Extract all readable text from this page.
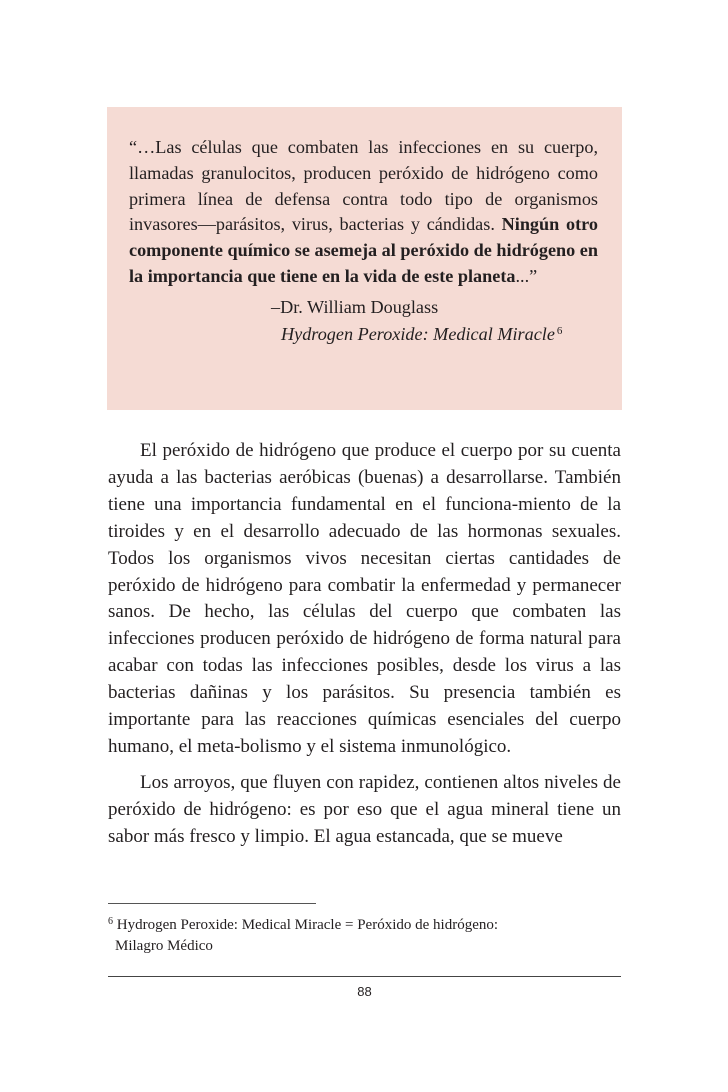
“…Las células que combaten las infecciones en su cuerpo, llamadas granulocitos, producen peróxido de hidrógeno como primera línea de defensa contra todo tipo de organismos invasores—parásitos, virus, bacterias y cándidas. Ningún otro componente químico se asemeja al peróxido de hidrógeno en la importancia que tiene en la vida de este planeta...”

–Dr. William Douglass
Hydrogen Peroxide: Medical Miracle $^6$

El peróxido de hidrógeno que produce el cuerpo por su cuenta ayuda a las bacterias aeróbicas (buenas) a desarrollarse. También tiene una importancia fundamental en el funciona-miento de la tiroides y en el desarrollo adecuado de las hormonas sexuales. Todos los organismos vivos necesitan ciertas cantidades de peróxido de hidrógeno para combatir la enfermedad y permanecer sanos. De hecho, las células del cuerpo que combaten las infecciones producen peróxido de hidrógeno de forma natural para acabar con todas las infecciones posibles, desde los virus a las bacterias dañinas y los parásitos. Su presencia también es importante para las reacciones químicas esenciales del cuerpo humano, el meta-bolismo y el sistema inmunológico.

Los arroyos, que fluyen con rapidez, contienen altos niveles de peróxido de hidrógeno: es por eso que el agua mineral tiene un sabor más fresco y limpio. El agua estancada, que se mueve

$^6$ Hydrogen Peroxide: Medical Miracle = Peróxido de hidrógeno:
Milagro Médico
88
